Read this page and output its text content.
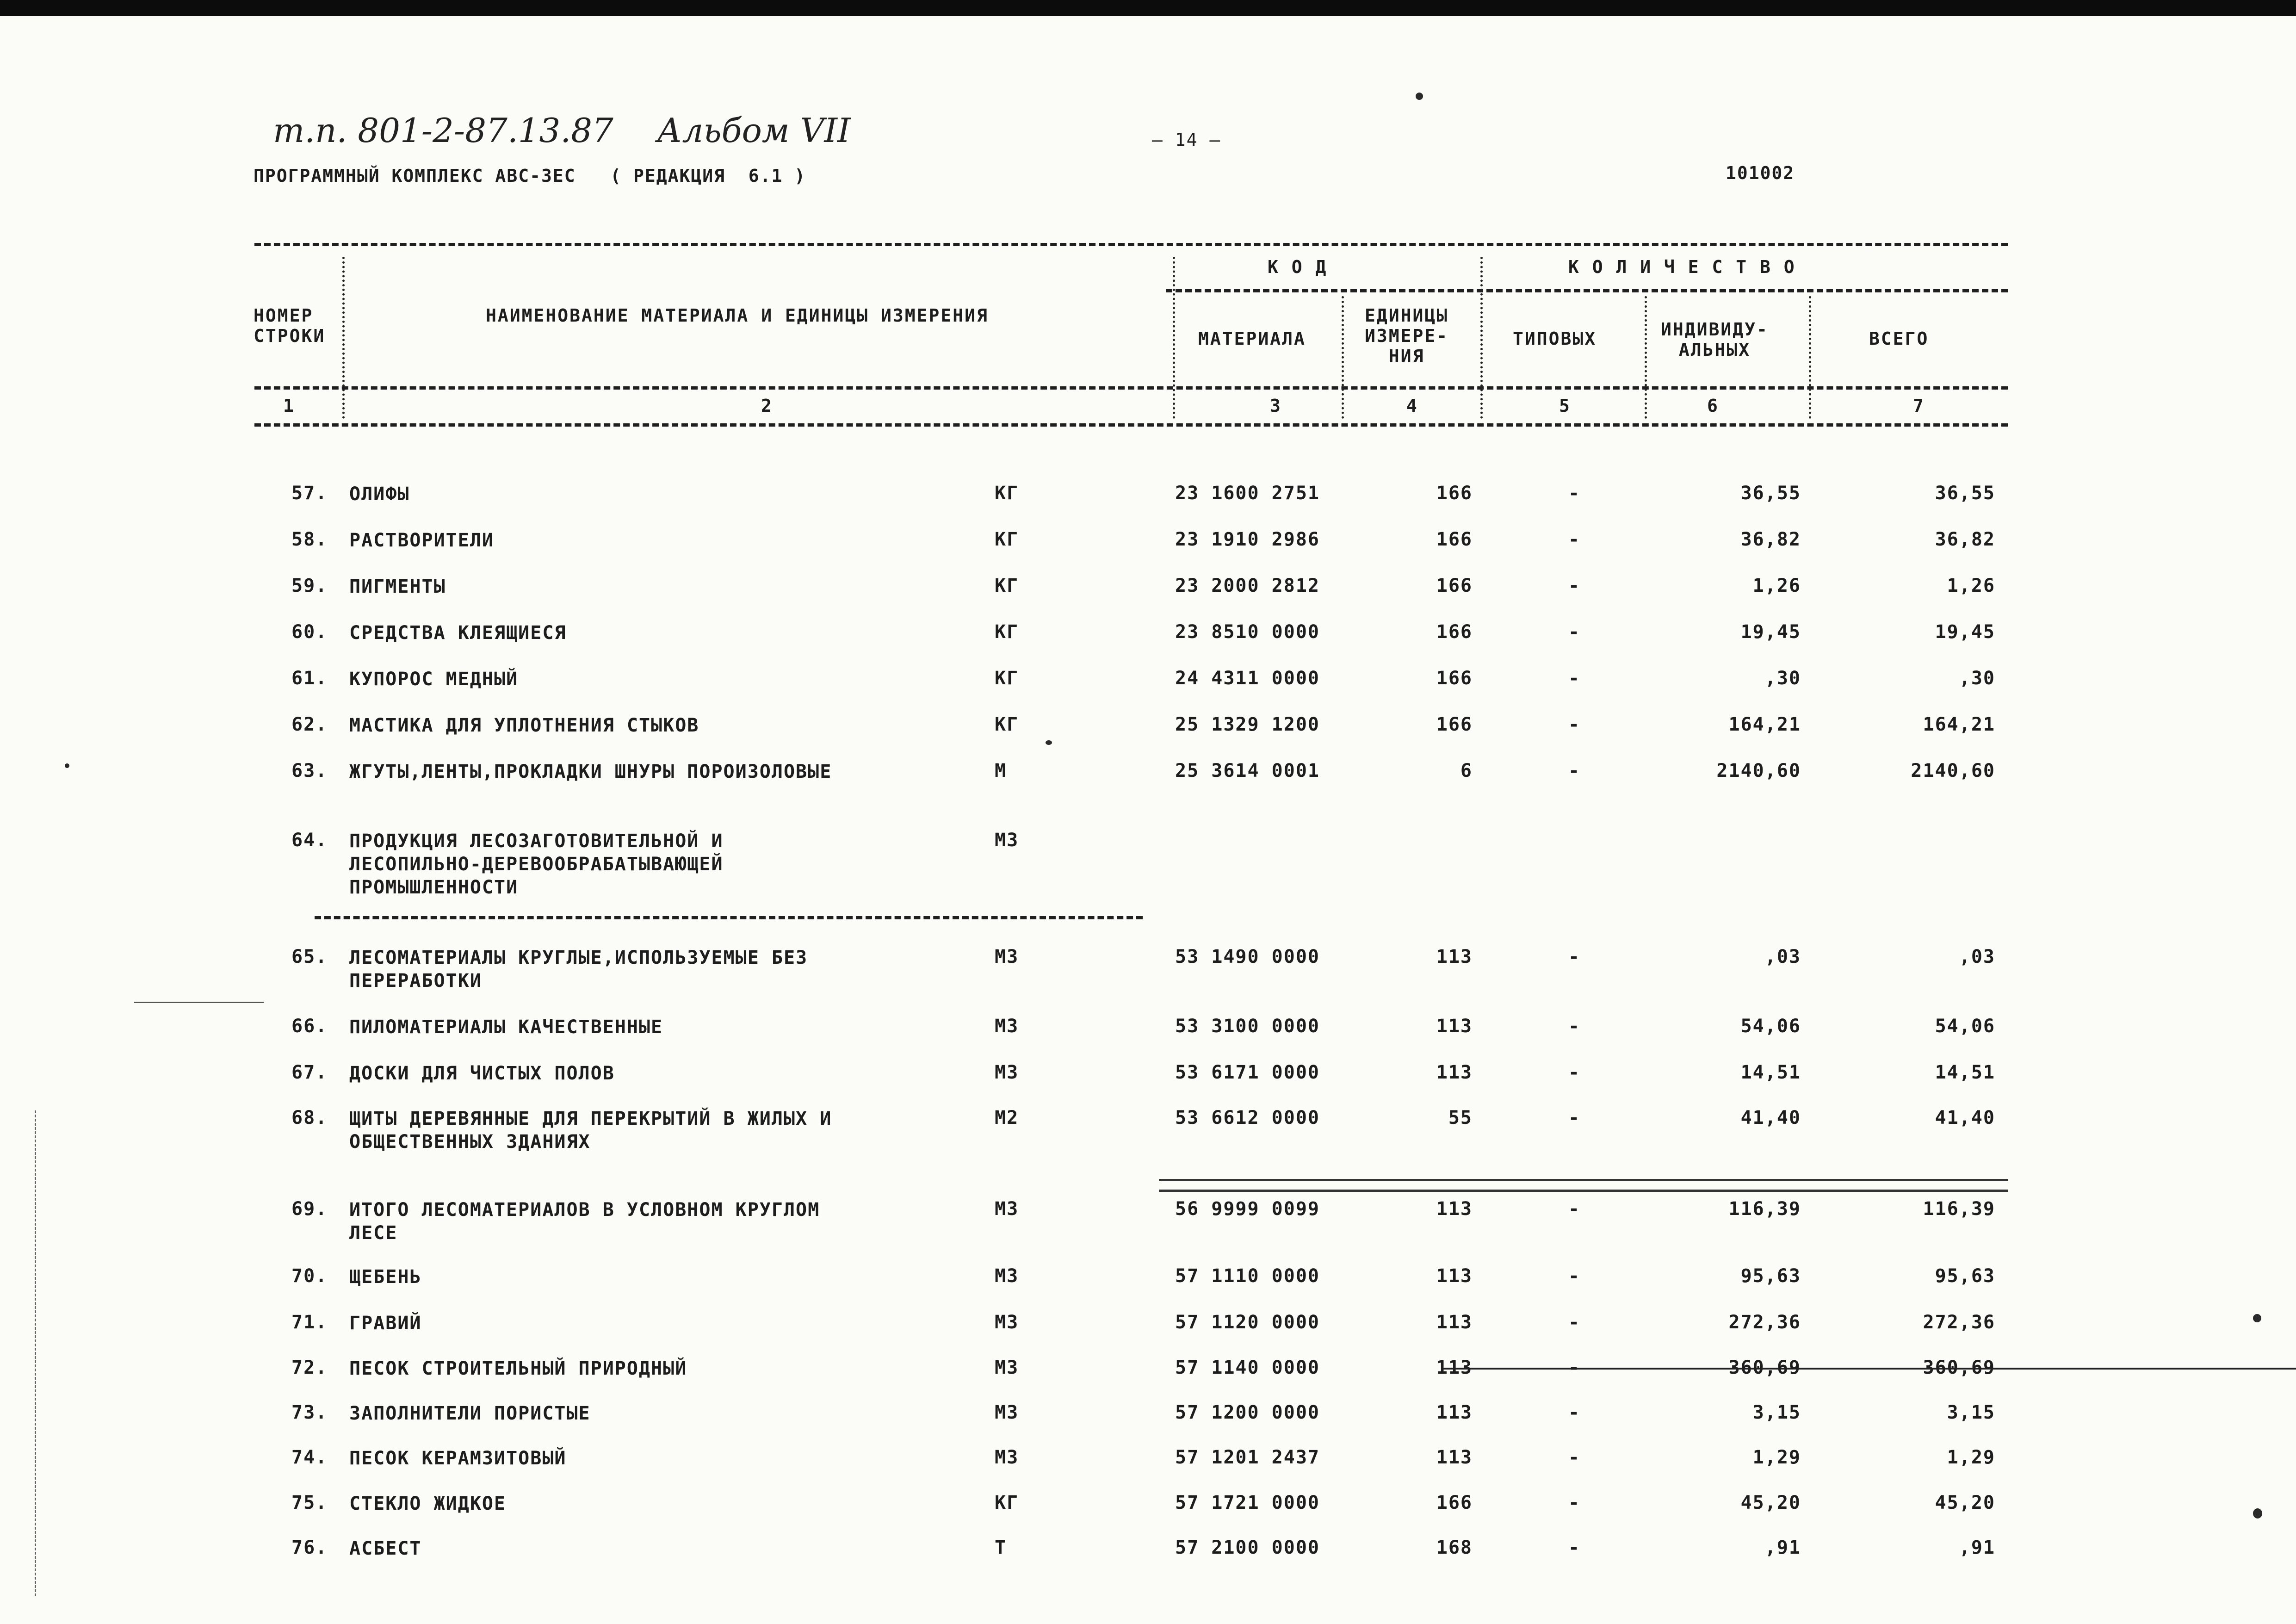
т.п. 801-2-87.13.87 Альбом VII	— 14 —
ПРОГРАММНЫЙ КОМПЛЕКС АВС-ЗЕС   ( РЕДАКЦИЯ  6.1 )	101002
НОМЕР
СТРОКИ
НАИМЕНОВАНИЕ МАТЕРИАЛА И ЕДИНИЦЫ ИЗМЕРЕНИЯ
К О Д	К О Л И Ч Е С Т В О
МАТЕРИАЛА
ЕДИНИЦЫ
ИЗМЕРЕ-
НИЯ
ТИПОВЫХ	ИНДИВИДУ-
АЛЬНЫХ
ВСЕГО
1	2	3	4	5	6	7
57. ОЛИФЫ	КГ	23 1600 2751	166	-	36,55	36,55
58. РАСТВОРИТЕЛИ	КГ	23 1910 2986	166	-	36,82	36,82
59. ПИГМЕНТЫ	КГ	23 2000 2812	166	-	1,26	1,26
60. СРЕДСТВА КЛЕЯЩИЕСЯ	КГ	23 8510 0000	166	-	19,45	19,45
61. КУПОРОС МЕДНЫЙ	КГ	24 4311 0000	166	-	,30	,30
62. МАСТИКА ДЛЯ УПЛОТНЕНИЯ СТЫКОВ	КГ	25 1329 1200	166	-	164,21	164,21
63. ЖГУТЫ,ЛЕНТЫ,ПРОКЛАДКИ ШНУРЫ ПОРОИЗОЛОВЫЕ	М	25 3614 0001	6	-	2140,60	2140,60
64. ПРОДУКЦИЯ ЛЕСОЗАГОТОВИТЕЛЬНОЙ И
ЛЕСОПИЛЬНО-ДЕРЕВООБРАБАТЫВАЮЩЕЙ
ПРОМЫШЛЕННОСТИ
М3
65. ЛЕСОМАТЕРИАЛЫ КРУГЛЫЕ,ИСПОЛЬЗУЕМЫЕ БЕЗ
ПЕРЕРАБОТКИ
М3	53 1490 0000	113	-	,03	,03
66. ПИЛОМАТЕРИАЛЫ КАЧЕСТВЕННЫЕ	М3	53 3100 0000	113	-	54,06	54,06
67. ДОСКИ ДЛЯ ЧИСТЫХ ПОЛОВ	М3	53 6171 0000	113	-	14,51	14,51
68. ЩИТЫ ДЕРЕВЯННЫЕ ДЛЯ ПЕРЕКРЫТИЙ В ЖИЛЫХ И
ОБЩЕСТВЕННЫХ ЗДАНИЯХ
М2	53 6612 0000	55	-	41,40	41,40
69. ИТОГО ЛЕСОМАТЕРИАЛОВ В УСЛОВНОМ КРУГЛОМ
ЛЕСЕ
М3	56 9999 0099	113	-	116,39	116,39
70. ЩЕБЕНЬ	М3	57 1110 0000	113	-	95,63	95,63
71. ГРАВИЙ	М3	57 1120 0000	113	-	272,36	272,36
72. ПЕСОК СТРОИТЕЛЬНЫЙ ПРИРОДНЫЙ	М3	57 1140 0000	113	-	360,69	360,69
73. ЗАПОЛНИТЕЛИ ПОРИСТЫЕ	М3	57 1200 0000	113	-	3,15	3,15
74. ПЕСОК КЕРАМЗИТОВЫЙ	М3	57 1201 2437	113	-	1,29	1,29
75. СТЕКЛО ЖИДКОЕ	КГ	57 1721 0000	166	-	45,20	45,20
76. АСБЕСТ	Т	57 2100 0000	168	-	,91	,91
